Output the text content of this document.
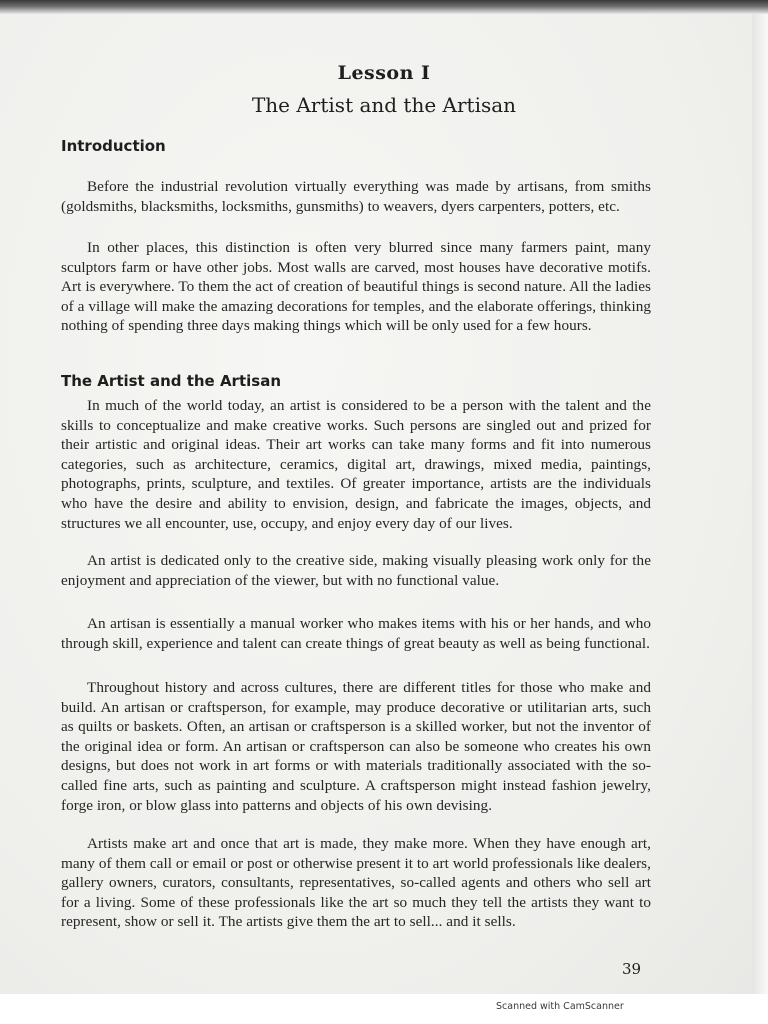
Lesson I
The Artist and the Artisan
Introduction

Before the industrial revolution virtually everything was made by artisans, from smiths (goldsmiths, blacksmiths, locksmiths, gunsmiths) to weavers, dyers carpenters, potters, etc.

In other places, this distinction is often very blurred since many farmers paint, many sculptors farm or have other jobs. Most walls are carved, most houses have decorative motifs. Art is everywhere. To them the act of creation of beautiful things is second nature. All the ladies of a village will make the amazing decorations for temples, and the elaborate offerings, thinking nothing of spending three days making things which will be only used for a few hours.

The Artist and the Artisan

In much of the world today, an artist is considered to be a person with the talent and the skills to conceptualize and make creative works. Such persons are singled out and prized for their artistic and original ideas. Their art works can take many forms and fit into numerous categories, such as architecture, ceramics, digital art, drawings, mixed media, paintings, photographs, prints, sculpture, and textiles. Of greater importance, artists are the individuals who have the desire and ability to envision, design, and fabricate the images, objects, and structures we all encounter, use, occupy, and enjoy every day of our lives.

An artist is dedicated only to the creative side, making visually pleasing work only for the enjoyment and appreciation of the viewer, but with no functional value.

An artisan is essentially a manual worker who makes items with his or her hands, and who through skill, experience and talent can create things of great beauty as well as being functional.

Throughout history and across cultures, there are different titles for those who make and build. An artisan or craftsperson, for example, may produce decorative or utilitarian arts, such as quilts or baskets. Often, an artisan or craftsperson is a skilled worker, but not the inventor of the original idea or form. An artisan or craftsperson can also be someone who creates his own designs, but does not work in art forms or with materials traditionally associated with the so-called fine arts, such as painting and sculpture. A craftsperson might instead fashion jewelry, forge iron, or blow glass into patterns and objects of his own devising.

Artists make art and once that art is made, they make more. When they have enough art, many of them call or email or post or otherwise present it to art world professionals like dealers, gallery owners, curators, consultants, representatives, so-called agents and others who sell art for a living. Some of these professionals like the art so much they tell the artists they want to represent, show or sell it. The artists give them the art to sell... and it sells.

39

Scanned with CamScanner
